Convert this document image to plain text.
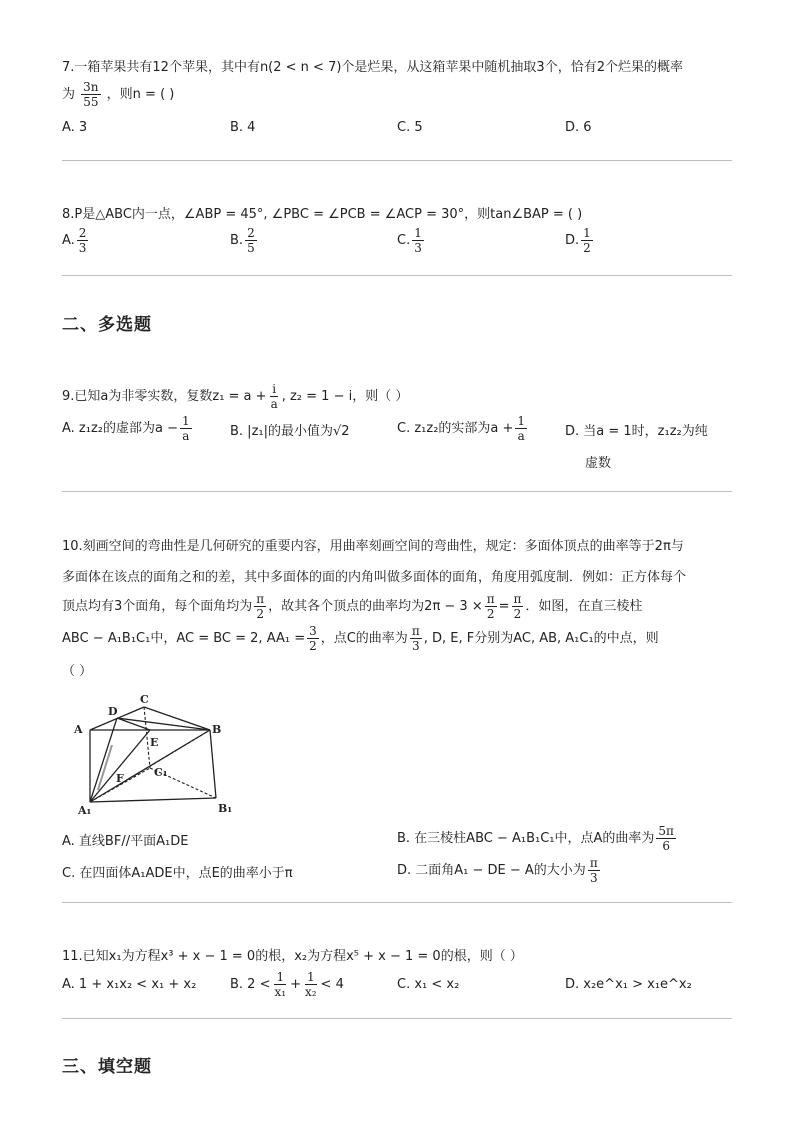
7.一箱苹果共有12个苹果，其中有n(2 < n < 7)个是烂果，从这箱苹果中随机抽取3个，恰有2个烂果的概率
为 $\frac{3n}{55}$ ，则n = ( )
A. 3	B. 4	C. 5	D. 6
8.P是△ABC内一点，∠ABP = 45°, ∠PBC = ∠PCB = ∠ACP = 30°，则tan∠BAP = ( )
A. $\frac{2}{3}$	B. $\frac{2}{5}$	C. $\frac{1}{3}$	D. $\frac{1}{2}$
二、多选题
9.已知a为非零实数，复数$z_1 = a + \frac{i}{a}$ , z₂ = 1 − i，则（ ）
A. z₁z₂的虚部为$a - \frac{1}{a}$	B. |z₁|的最小值为√2	C. z₁z₂的实部为$a + \frac{1}{a}$	D. 当a = 1时，z₁z₂为纯
虚数
10.刻画空间的弯曲性是几何研究的重要内容，用曲率刻画空间的弯曲性，规定：多面体顶点的曲率等于2π与
多面体在该点的面角之和的差，其中多面体的面的内角叫做多面体的面角，角度用弧度制．例如：正方体每个
顶点均有3个面角，每个面角均为 $\frac{\pi}{2}$ ，故其各个顶点的曲率均为$2\pi - 3 \times \frac{\pi}{2} = \frac{\pi}{2}$ ．如图，在直三棱柱
ABC − A₁B₁C₁中，AC = BC = 2, $AA_1 = \frac{3}{2}$ ，点C的曲率为 $\frac{\pi}{3}$ , D, E, F分别为AC, AB, A₁C₁的中点，则
（ ）
A
D
C
B
E
F	C₁
A₁	B₁
A. 直线BF//平面A₁DE	B. 在三棱柱ABC − A₁B₁C₁中，点A的曲率为 $\frac{5\pi}{6}$
C. 在四面体A₁ADE中，点E的曲率小于π	D. 二面角A₁ − DE − A的大小为 $\frac{\pi}{3}$
11.已知x₁为方程x³ + x − 1 = 0的根，x₂为方程x⁵ + x − 1 = 0的根，则（ ）
A. 1 + x₁x₂ < x₁ + x₂	B. $2 < \frac{1}{\text{x₁}} + \frac{1}{\text{x₂}} < 4$	C. x₁ < x₂	D. x₂e^x₁ > x₁e^x₂
三、填空题
